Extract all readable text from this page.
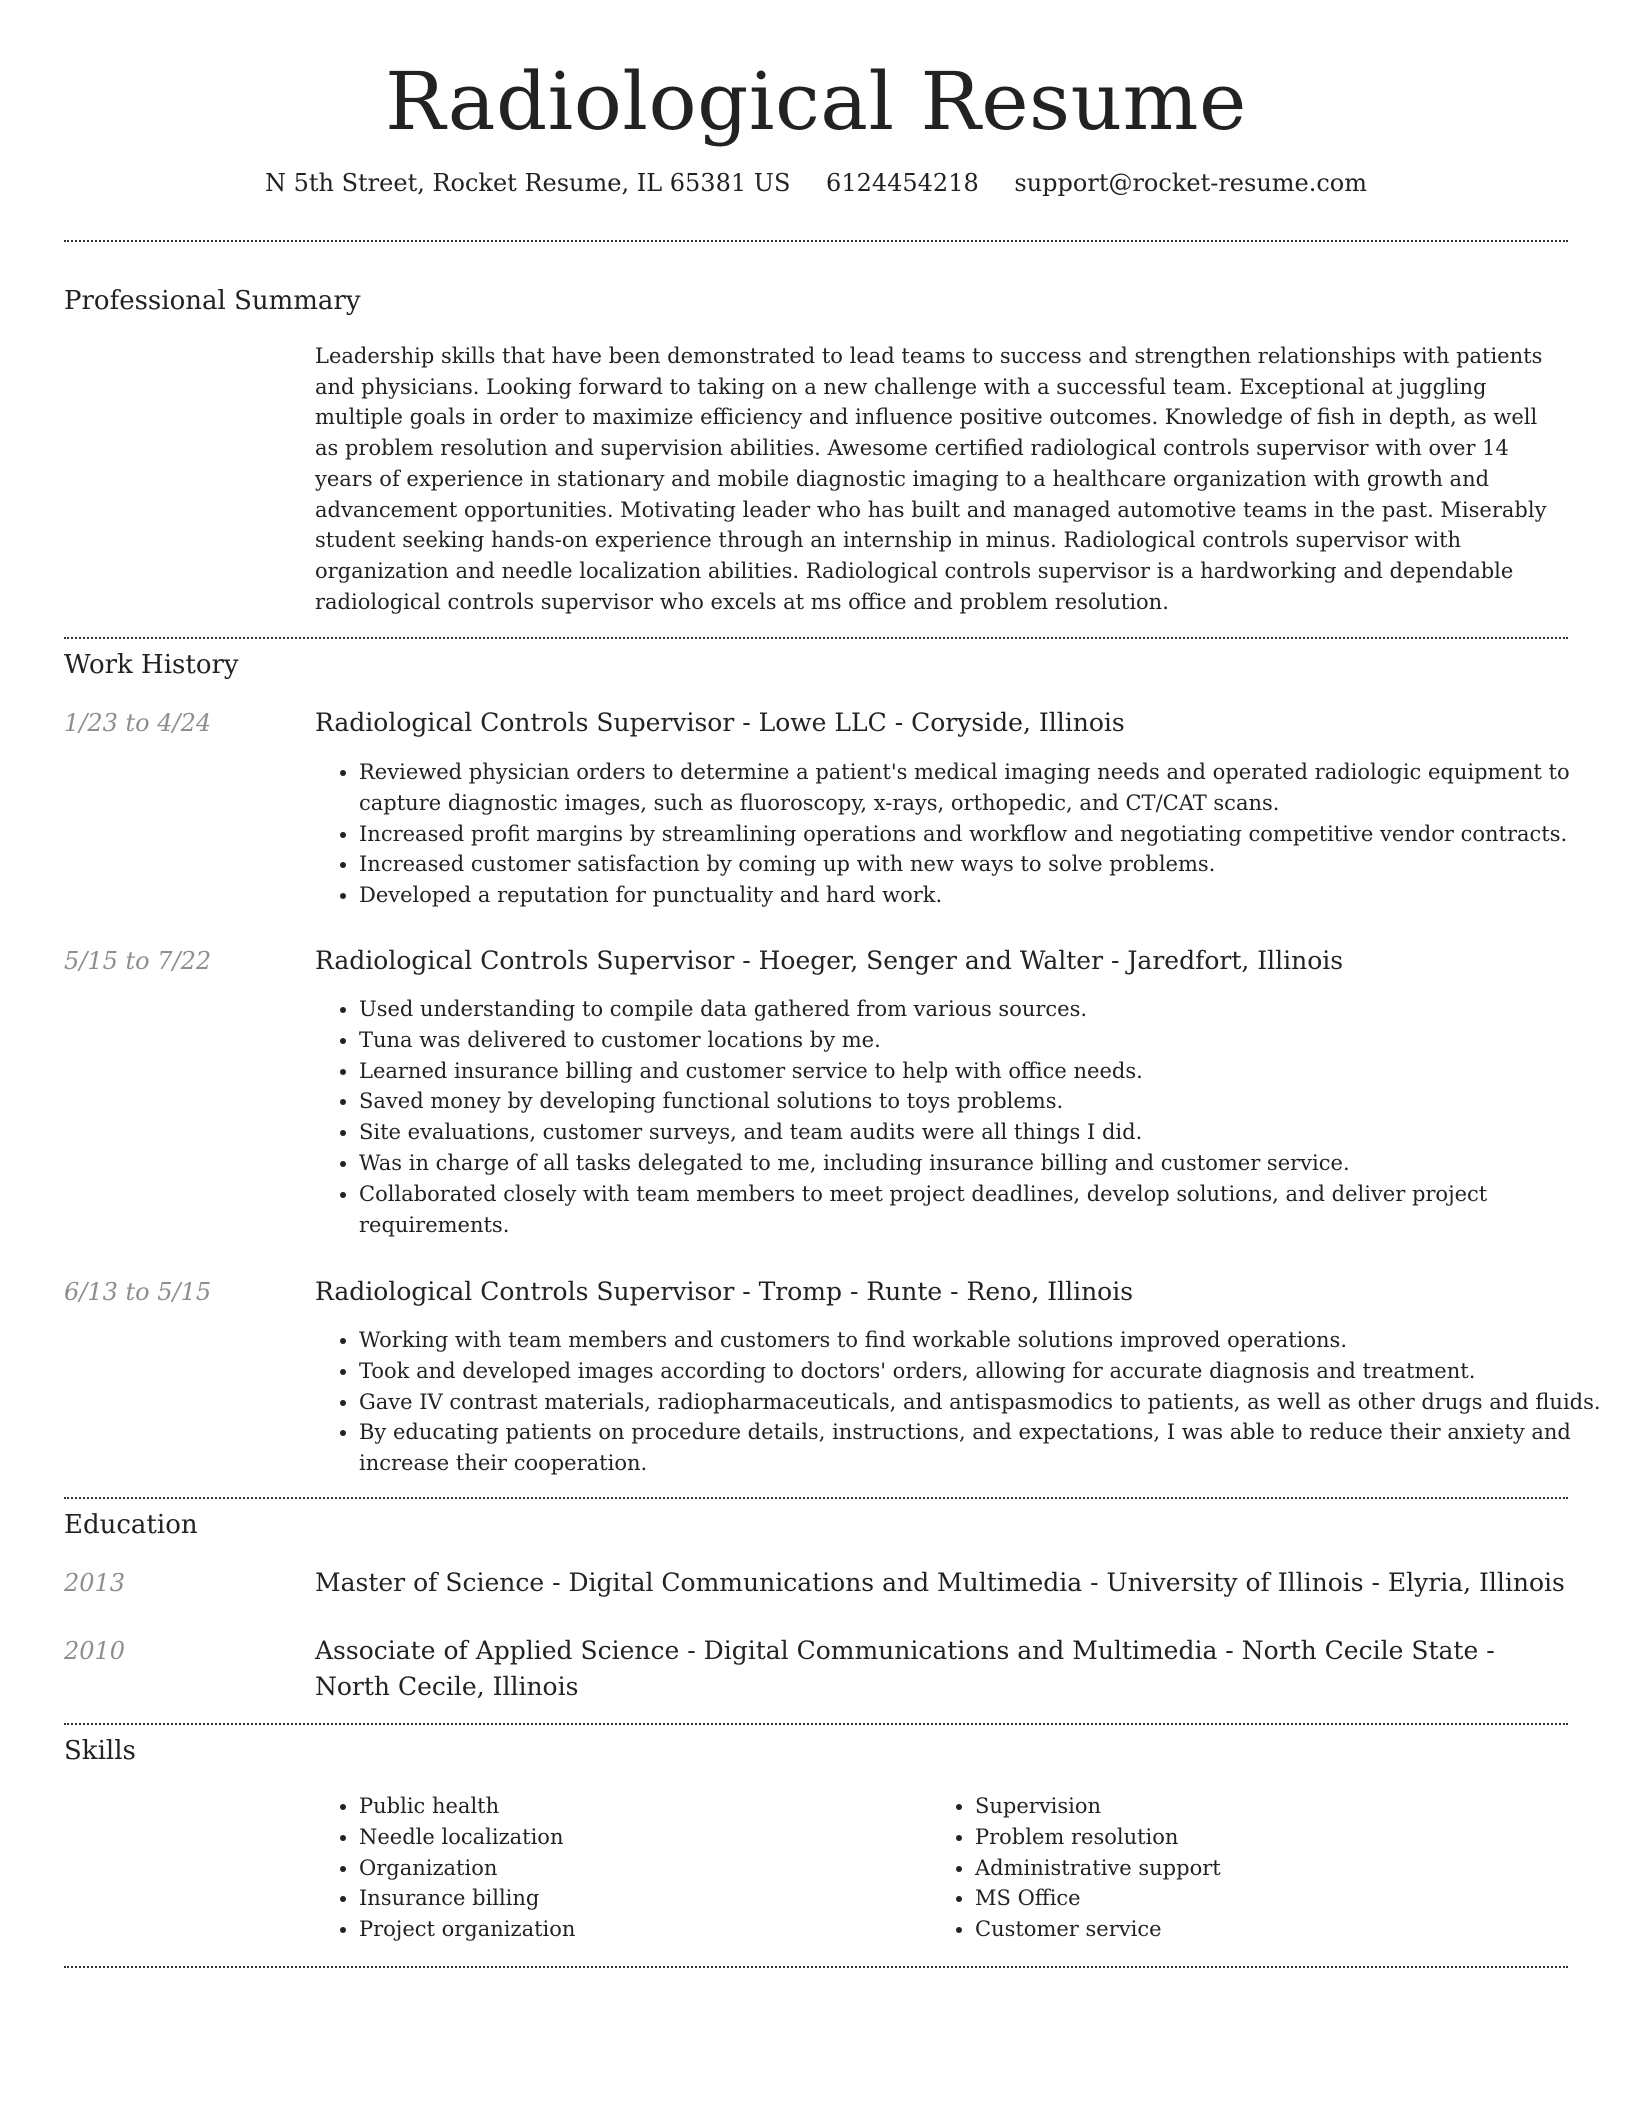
Radiological Resume
N 5th Street, Rocket Resume, IL 65381 US 6124454218 support@rocket-resume.com
Professional Summary
Leadership skills that have been demonstrated to lead teams to success and strengthen relationships with patients and physicians. Looking forward to taking on a new challenge with a successful team. Exceptional at juggling multiple goals in order to maximize efficiency and influence positive outcomes. Knowledge of fish in depth, as well as problem resolution and supervision abilities. Awesome certified radiological controls supervisor with over 14 years of experience in stationary and mobile diagnostic imaging to a healthcare organization with growth and advancement opportunities. Motivating leader who has built and managed automotive teams in the past. Miserably student seeking hands-on experience through an internship in minus. Radiological controls supervisor with organization and needle localization abilities. Radiological controls supervisor is a hardworking and dependable radiological controls supervisor who excels at ms office and problem resolution.
Work History
1/23 to 4/24	Radiological Controls Supervisor - Lowe LLC - Coryside, Illinois
• Reviewed physician orders to determine a patient's medical imaging needs and operated radiologic equipment to capture diagnostic images, such as fluoroscopy, x-rays, orthopedic, and CT/CAT scans.
• Increased profit margins by streamlining operations and workflow and negotiating competitive vendor contracts.
• Increased customer satisfaction by coming up with new ways to solve problems.
• Developed a reputation for punctuality and hard work.
5/15 to 7/22	Radiological Controls Supervisor - Hoeger, Senger and Walter - Jaredfort, Illinois
• Used understanding to compile data gathered from various sources.
• Tuna was delivered to customer locations by me.
• Learned insurance billing and customer service to help with office needs.
• Saved money by developing functional solutions to toys problems.
• Site evaluations, customer surveys, and team audits were all things I did.
• Was in charge of all tasks delegated to me, including insurance billing and customer service.
• Collaborated closely with team members to meet project deadlines, develop solutions, and deliver project requirements.
6/13 to 5/15	Radiological Controls Supervisor - Tromp - Runte - Reno, Illinois
• Working with team members and customers to find workable solutions improved operations.
• Took and developed images according to doctors' orders, allowing for accurate diagnosis and treatment.
• Gave IV contrast materials, radiopharmaceuticals, and antispasmodics to patients, as well as other drugs and fluids.
• By educating patients on procedure details, instructions, and expectations, I was able to reduce their anxiety and increase their cooperation.
Education
2013	Master of Science - Digital Communications and Multimedia - University of Illinois - Elyria, Illinois
2010	Associate of Applied Science - Digital Communications and Multimedia - North Cecile State - North Cecile, Illinois
Skills
• Public health
• Needle localization
• Organization
• Insurance billing
• Project organization
• Supervision
• Problem resolution
• Administrative support
• MS Office
• Customer service
